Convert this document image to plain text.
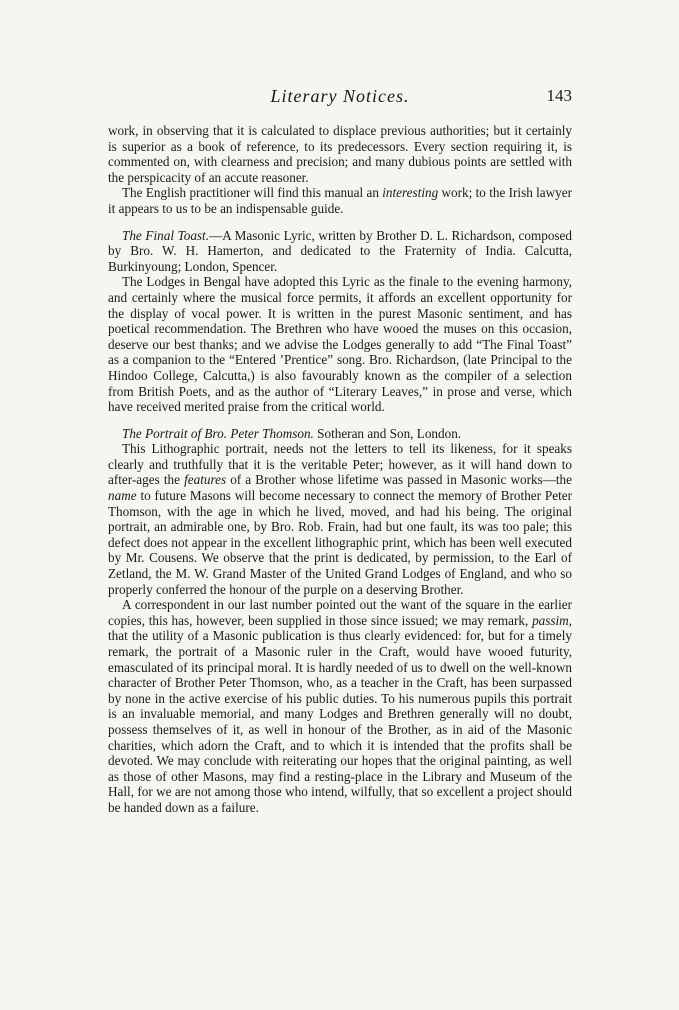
Literary Notices.	143

work, in observing that it is calculated to displace previous authorities; but it certainly is superior as a book of reference, to its predecessors. Every section requiring it, is commented on, with clearness and precision; and many dubious points are settled with the perspicacity of an accute reasoner.

The English practitioner will find this manual an interesting work; to the Irish lawyer it appears to us to be an indispensable guide.

The Final Toast.—A Masonic Lyric, written by Brother D. L. Richardson, composed by Bro. W. H. Hamerton, and dedicated to the Fraternity of India. Calcutta, Burkinyoung; London, Spencer.

The Lodges in Bengal have adopted this Lyric as the finale to the evening harmony, and certainly where the musical force permits, it affords an excellent opportunity for the display of vocal power. It is written in the purest Masonic sentiment, and has poetical recommendation. The Brethren who have wooed the muses on this occasion, deserve our best thanks; and we advise the Lodges generally to add “The Final Toast” as a companion to the “Entered ’Prentice” song. Bro. Richardson, (late Principal to the Hindoo College, Calcutta,) is also favourably known as the compiler of a selection from British Poets, and as the author of “Literary Leaves,” in prose and verse, which have received merited praise from the critical world.

The Portrait of Bro. Peter Thomson. Sotheran and Son, London.

This Lithographic portrait, needs not the letters to tell its likeness, for it speaks clearly and truthfully that it is the veritable Peter; however, as it will hand down to after-ages the features of a Brother whose lifetime was passed in Masonic works—the name to future Masons will become necessary to connect the memory of Brother Peter Thomson, with the age in which he lived, moved, and had his being. The original portrait, an admirable one, by Bro. Rob. Frain, had but one fault, its was too pale; this defect does not appear in the excellent lithographic print, which has been well executed by Mr. Cousens. We observe that the print is dedicated, by permission, to the Earl of Zetland, the M. W. Grand Master of the United Grand Lodges of England, and who so properly conferred the honour of the purple on a deserving Brother.

A correspondent in our last number pointed out the want of the square in the earlier copies, this has, however, been supplied in those since issued; we may remark, passim, that the utility of a Masonic publication is thus clearly evidenced: for, but for a timely remark, the portrait of a Masonic ruler in the Craft, would have wooed futurity, emasculated of its principal moral. It is hardly needed of us to dwell on the well-known character of Brother Peter Thomson, who, as a teacher in the Craft, has been surpassed by none in the active exercise of his public duties. To his numerous pupils this portrait is an invaluable memorial, and many Lodges and Brethren generally will no doubt, possess themselves of it, as well in honour of the Brother, as in aid of the Masonic charities, which adorn the Craft, and to which it is intended that the profits shall be devoted. We may conclude with reiterating our hopes that the original painting, as well as those of other Masons, may find a resting-place in the Library and Museum of the Hall, for we are not among those who intend, wilfully, that so excellent a project should be handed down as a failure.
